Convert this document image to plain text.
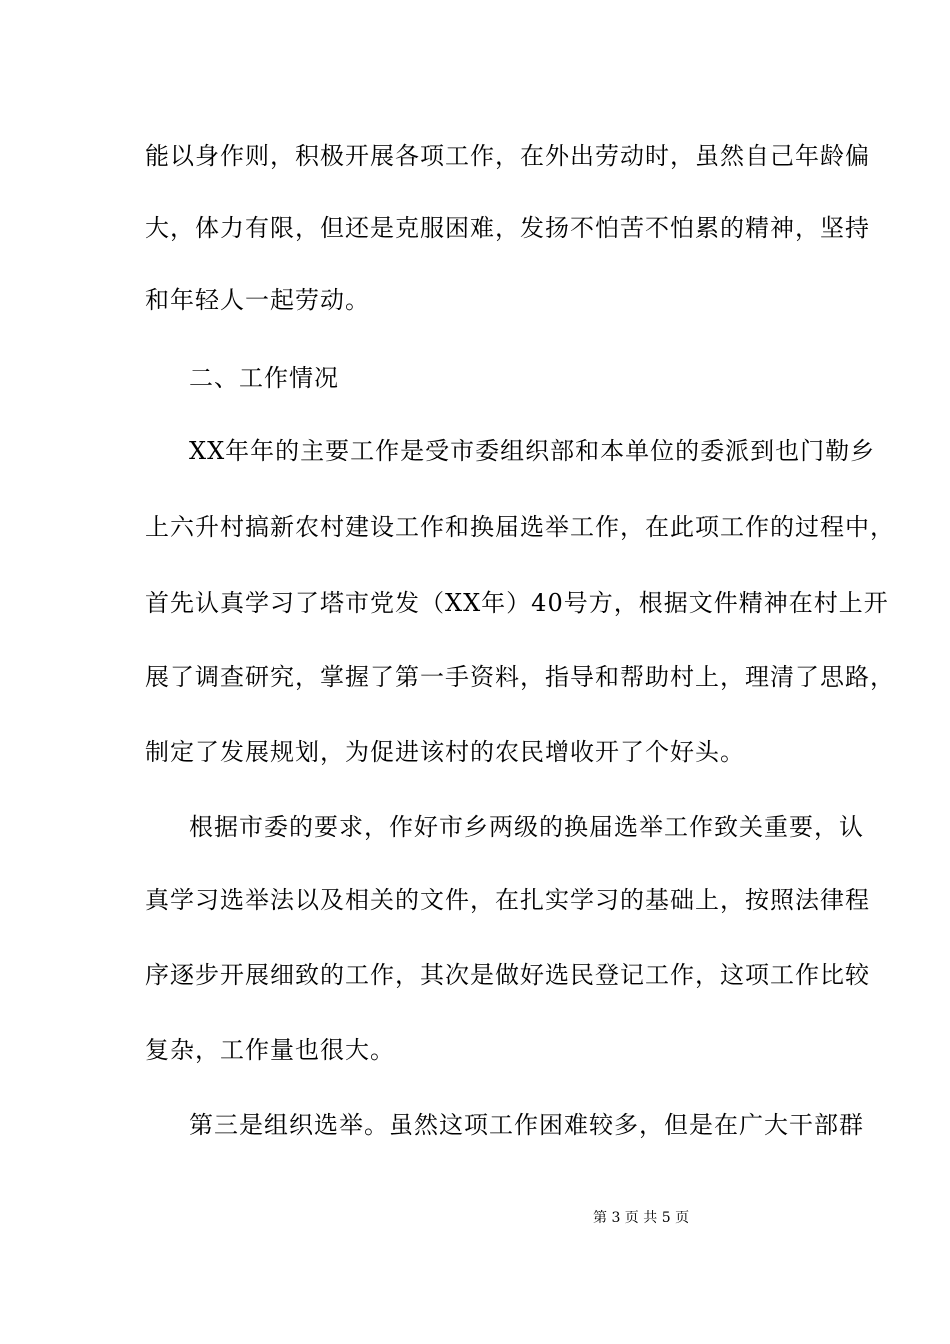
能以身作则，积极开展各项工作，在外出劳动时，虽然自己年龄偏
大，体力有限，但还是克服困难，发扬不怕苦不怕累的精神，坚持
和年轻人一起劳动。
二、工作情况
XX年年的主要工作是受市委组织部和本单位的委派到也门勒乡
上六升村搞新农村建设工作和换届选举工作，在此项工作的过程中，
首先认真学习了塔市党发（XX年）40号方，根据文件精神在村上开
展了调查研究，掌握了第一手资料，指导和帮助村上，理清了思路，
制定了发展规划，为促进该村的农民增收开了个好头。
根据市委的要求，作好市乡两级的换届选举工作致关重要，认
真学习选举法以及相关的文件，在扎实学习的基础上，按照法律程
序逐步开展细致的工作，其次是做好选民登记工作，这项工作比较
复杂，工作量也很大。
第三是组织选举。虽然这项工作困难较多，但是在广大干部群
第 3 页 共 5 页
